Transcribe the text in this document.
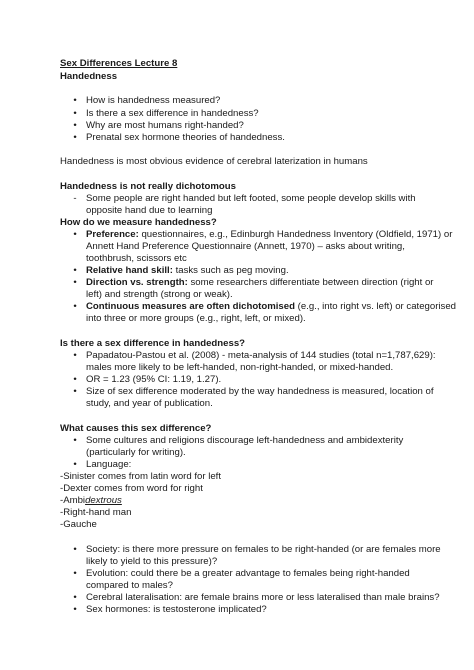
Sex Differences Lecture 8
Handedness
• How is handedness measured?
• Is there a sex difference in handedness?
• Why are most humans right-handed?
• Prenatal sex hormone theories of handedness.
Handedness is most obvious evidence of cerebral laterization in humans
Handedness is not really dichotomous
- Some people are right handed but left footed, some people develop skills with
opposite hand due to learning
How do we measure handedness?
• Preference: questionnaires, e.g., Edinburgh Handedness Inventory (Oldfield, 1971) or
Annett Hand Preference Questionnaire (Annett, 1970) – asks about writing,
toothbrush, scissors etc
• Relative hand skill: tasks such as peg moving.
• Direction vs. strength: some researchers differentiate between direction (right or
left) and strength (strong or weak).
• Continuous measures are often dichotomised (e.g., into right vs. left) or categorised
into three or more groups (e.g., right, left, or mixed).
Is there a sex difference in handedness?
• Papadatou-Pastou et al. (2008) - meta-analysis of 144 studies (total n=1,787,629):
males more likely to be left-handed, non-right-handed, or mixed-handed.
• OR = 1.23 (95% CI: 1.19, 1.27).
• Size of sex difference moderated by the way handedness is measured, location of
study, and year of publication.
What causes this sex difference?
• Some cultures and religions discourage left-handedness and ambidexterity
(particularly for writing).
• Language:
-Sinister comes from latin word for left
-Dexter comes from word for right
-Ambidextrous
-Right-hand man
-Gauche
• Society: is there more pressure on females to be right-handed (or are females more
likely to yield to this pressure)?
• Evolution: could there be a greater advantage to females being right-handed
compared to males?
• Cerebral lateralisation: are female brains more or less lateralised than male brains?
• Sex hormones: is testosterone implicated?
